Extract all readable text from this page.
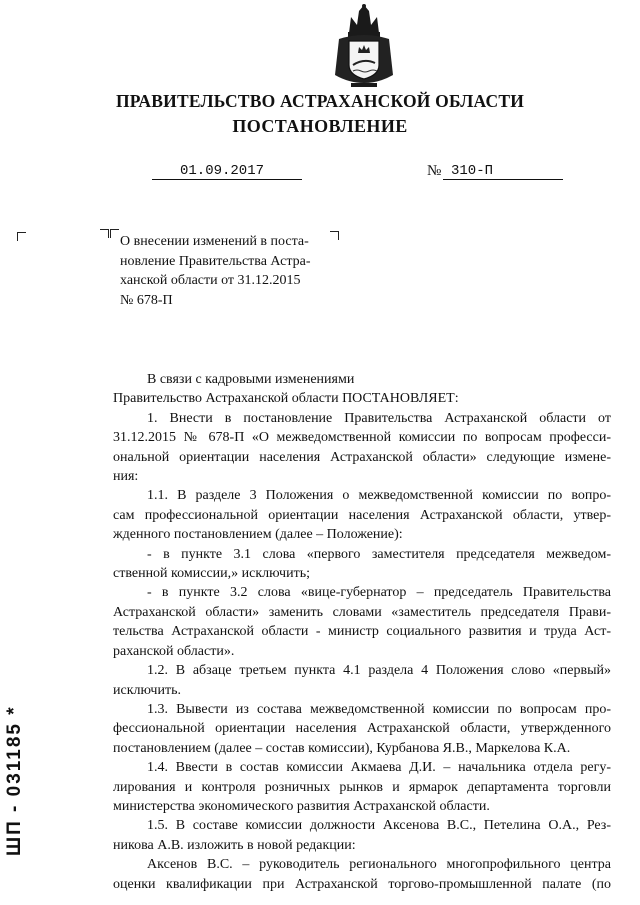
ПРАВИТЕЛЬСТВО АСТРАХАНСКОЙ ОБЛАСТИ
ПОСТАНОВЛЕНИЕ
01.09.2017	№ 310-П
О внесении изменений в поста-
новление Правительства Астра-
ханской области от 31.12.2015
№ 678-П
В связи с кадровыми изменениями
Правительство Астраханской области ПОСТАНОВЛЯЕТ:
1. Внести в постановление Правительства Астраханской области от
31.12.2015 № 678-П «О межведомственной комиссии по вопросам професси-
ональной ориентации населения Астраханской области» следующие измене-
ния:
1.1. В разделе 3 Положения о межведомственной комиссии по вопро-
сам профессиональной ориентации населения Астраханской области, утвер-
жденного постановлением (далее – Положение):
- в пункте 3.1 слова «первого заместителя председателя межведом-
ственной комиссии,» исключить;
- в пункте 3.2 слова «вице-губернатор – председатель Правительства
Астраханской области» заменить словами «заместитель председателя Прави-
тельства Астраханской области - министр социального развития и труда Аст-
раханской области».
1.2. В абзаце третьем пункта 4.1 раздела 4 Положения слово «первый»
исключить.
1.3. Вывести из состава межведомственной комиссии по вопросам про-
фессиональной ориентации населения Астраханской области, утвержденного
постановлением (далее – состав комиссии), Курбанова Я.В., Маркелова К.А.
1.4. Ввести в состав комиссии Акмаева Д.И. – начальника отдела регу-
лирования и контроля розничных рынков и ярмарок департамента торговли
министерства экономического развития Астраханской области.
1.5. В составе комиссии должности Аксенова В.С., Петелина О.А., Рез-
никова А.В. изложить в новой редакции:
Аксенов В.С. – руководитель регионального многопрофильного центра
оценки квалификации при Астраханской торгово-промышленной палате (по
ШП - 031185 *
